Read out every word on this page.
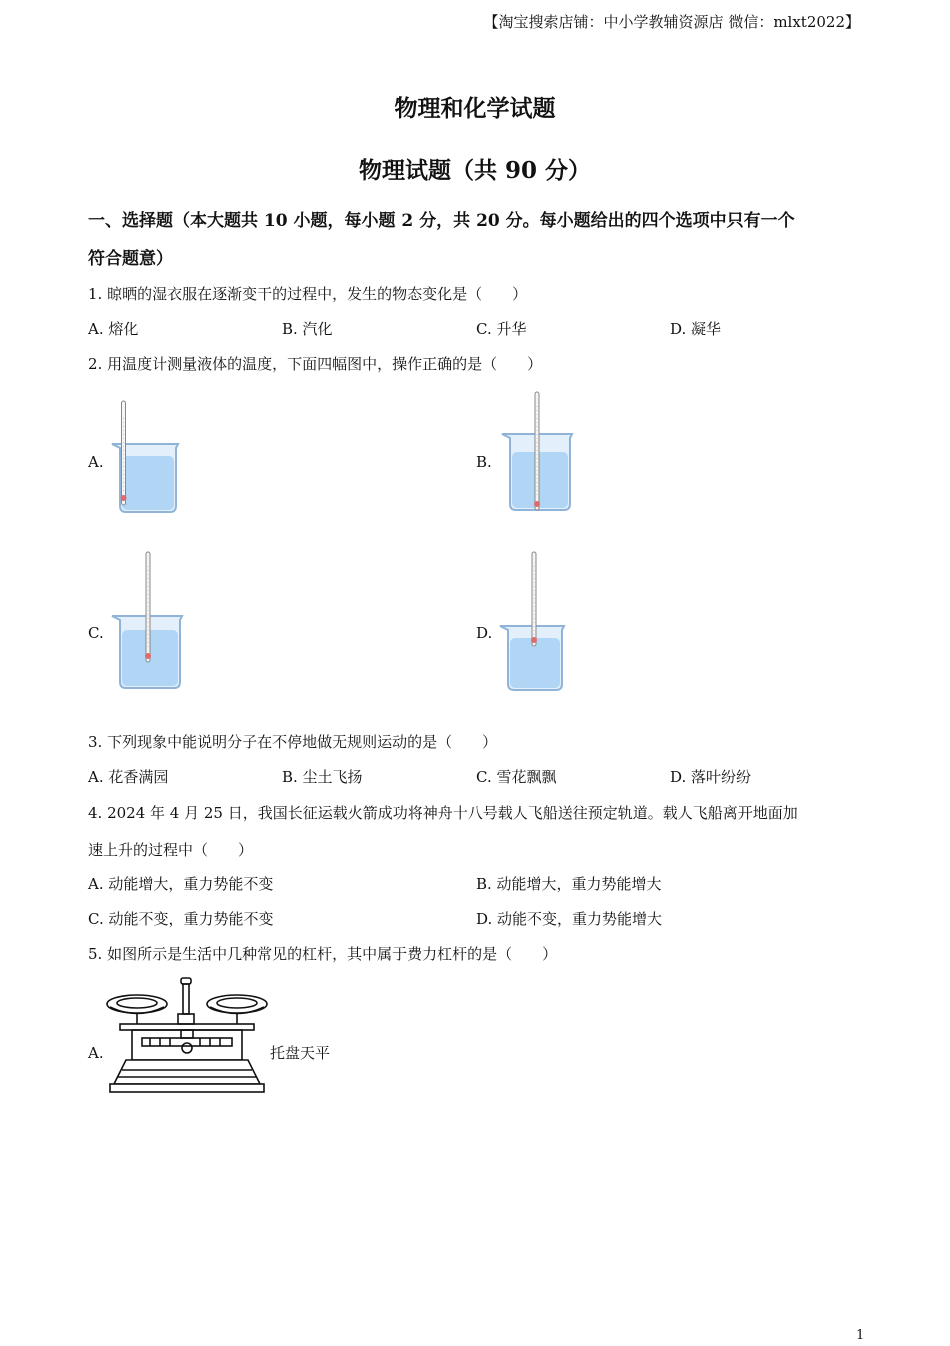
【淘宝搜索店铺：中小学教辅资源店 微信：mlxt2022】
物理和化学试题
物理试题（共 90 分）
一、选择题（本大题共 10 小题，每小题 2 分，共 20 分。每小题给出的四个选项中只有一个
符合题意）
1. 晾晒的湿衣服在逐渐变干的过程中，发生的物态变化是（　　）
A. 熔化	B. 汽化	C. 升华	D. 凝华
2. 用温度计测量液体的温度，下面四幅图中，操作正确的是（　　）
A.	B.
C.	D.
3. 下列现象中能说明分子在不停地做无规则运动的是（　　）
A. 花香满园	B. 尘土飞扬	C. 雪花飘飘	D. 落叶纷纷
4. 2024 年 4 月 25 日，我国长征运载火箭成功将神舟十八号载人飞船送往预定轨道。载人飞船离开地面加
速上升的过程中（　　）
A. 动能增大，重力势能不变	B. 动能增大，重力势能增大
C. 动能不变，重力势能不变	D. 动能不变，重力势能增大
5. 如图所示是生活中几种常见的杠杆，其中属于费力杠杆的是（　　）
A.	托盘天平
1
